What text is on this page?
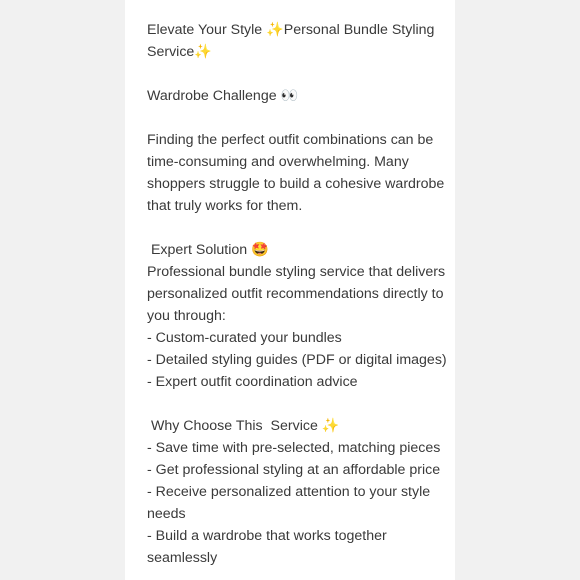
Elevate Your Style ✨Personal Bundle Styling
Service✨
Wardrobe Challenge 👀
Finding the perfect outfit combinations can be
time-consuming and overwhelming. Many
shoppers struggle to build a cohesive wardrobe
that truly works for them.
Expert Solution 🤩
Professional bundle styling service that delivers
personalized outfit recommendations directly to
you through:
- Custom-curated your bundles
- Detailed styling guides (PDF or digital images)
- Expert outfit coordination advice
Why Choose This  Service ✨
- Save time with pre-selected, matching pieces
- Get professional styling at an affordable price
- Receive personalized attention to your style
needs
- Build a wardrobe that works together
seamlessly
